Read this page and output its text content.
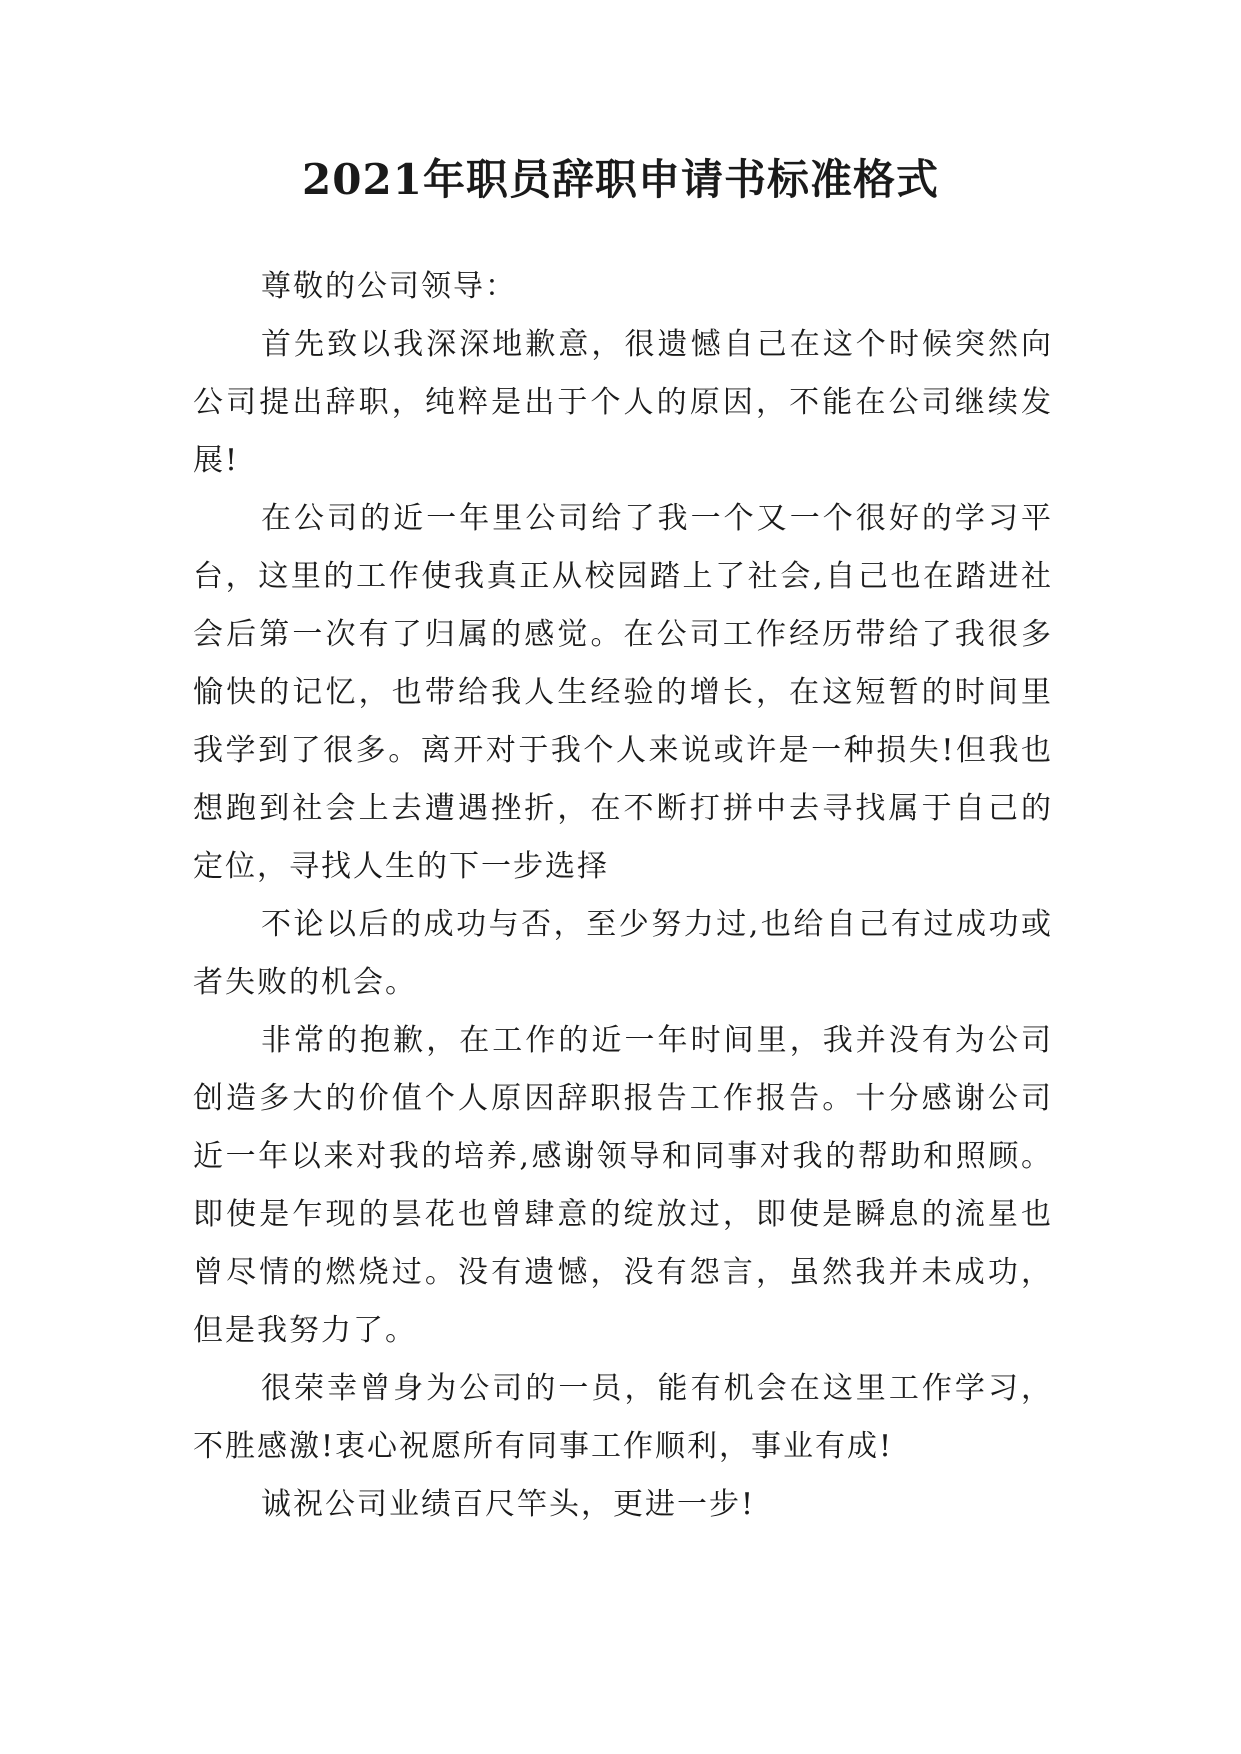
2021年职员辞职申请书标准格式

尊敬的公司领导：

首先致以我深深地歉意，很遗憾自己在这个时候突然向公司提出辞职，纯粹是出于个人的原因，不能在公司继续发展!

在公司的近一年里公司给了我一个又一个很好的学习平台，这里的工作使我真正从校园踏上了社会,自己也在踏进社会后第一次有了归属的感觉。在公司工作经历带给了我很多愉快的记忆，也带给我人生经验的增长，在这短暂的时间里我学到了很多。离开对于我个人来说或许是一种损失!但我也想跑到社会上去遭遇挫折，在不断打拼中去寻找属于自己的定位，寻找人生的下一步选择

不论以后的成功与否，至少努力过,也给自己有过成功或者失败的机会。

非常的抱歉，在工作的近一年时间里，我并没有为公司创造多大的价值个人原因辞职报告工作报告。十分感谢公司近一年以来对我的培养,感谢领导和同事对我的帮助和照顾。即使是乍现的昙花也曾肆意的绽放过，即使是瞬息的流星也曾尽情的燃烧过。没有遗憾，没有怨言，虽然我并未成功，但是我努力了。

很荣幸曾身为公司的一员，能有机会在这里工作学习，不胜感激!衷心祝愿所有同事工作顺利，事业有成!

诚祝公司业绩百尺竿头，更进一步!
